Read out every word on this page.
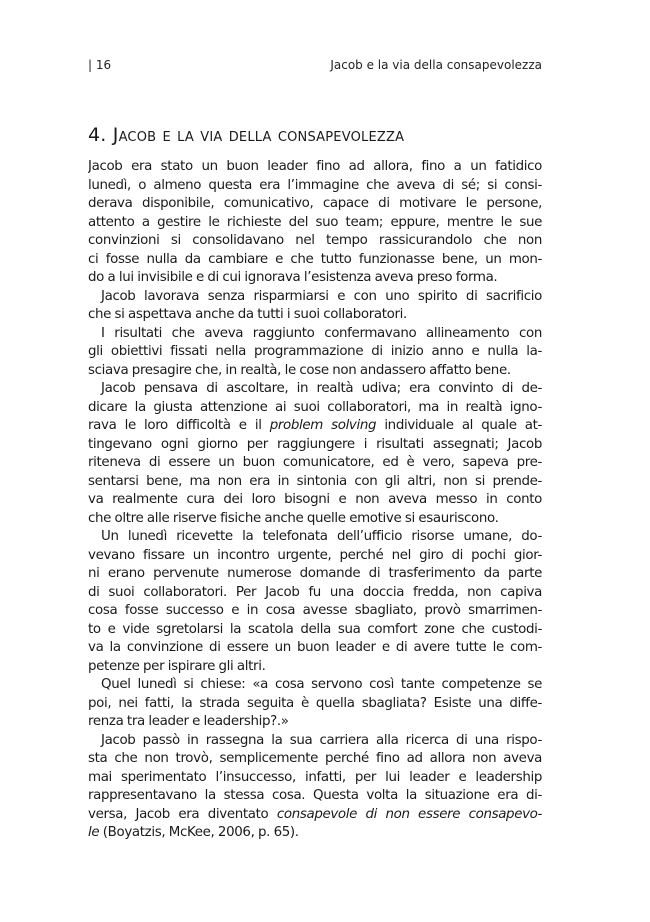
| 16	Jacob e la via della consapevolezza
4. Jacob e la via della consapevolezza
Jacob era stato un buon leader fino ad allora, fino a un fatidico
lunedì, o almeno questa era l’immagine che aveva di sé; si consi-
derava disponibile, comunicativo, capace di motivare le persone,
attento a gestire le richieste del suo team; eppure, mentre le sue
convinzioni si consolidavano nel tempo rassicurandolo che non
ci fosse nulla da cambiare e che tutto funzionasse bene, un mon-
do a lui invisibile e di cui ignorava l’esistenza aveva preso forma.
Jacob lavorava senza risparmiarsi e con uno spirito di sacrificio
che si aspettava anche da tutti i suoi collaboratori.
I risultati che aveva raggiunto confermavano allineamento con
gli obiettivi fissati nella programmazione di inizio anno e nulla la-
sciava presagire che, in realtà, le cose non andassero affatto bene.
Jacob pensava di ascoltare, in realtà udiva; era convinto di de-
dicare la giusta attenzione ai suoi collaboratori, ma in realtà igno-
rava le loro difficoltà e il problem solving individuale al quale at-
tingevano ogni giorno per raggiungere i risultati assegnati; Jacob
riteneva di essere un buon comunicatore, ed è vero, sapeva pre-
sentarsi bene, ma non era in sintonia con gli altri, non si prende-
va realmente cura dei loro bisogni e non aveva messo in conto
che oltre alle riserve fisiche anche quelle emotive si esauriscono.
Un lunedì ricevette la telefonata dell’ufficio risorse umane, do-
vevano fissare un incontro urgente, perché nel giro di pochi gior-
ni erano pervenute numerose domande di trasferimento da parte
di suoi collaboratori. Per Jacob fu una doccia fredda, non capiva
cosa fosse successo e in cosa avesse sbagliato, provò smarrimen-
to e vide sgretolarsi la scatola della sua comfort zone che custodi-
va la convinzione di essere un buon leader e di avere tutte le com-
petenze per ispirare gli altri.
Quel lunedì si chiese: «a cosa servono così tante competenze se
poi, nei fatti, la strada seguita è quella sbagliata? Esiste una diffe-
renza tra leader e leadership?.»
Jacob passò in rassegna la sua carriera alla ricerca di una rispo-
sta che non trovò, semplicemente perché fino ad allora non aveva
mai sperimentato l’insuccesso, infatti, per lui leader e leadership
rappresentavano la stessa cosa. Questa volta la situazione era di-
versa, Jacob era diventato consapevole di non essere consapevo-
le (Boyatzis, McKee, 2006, p. 65).
